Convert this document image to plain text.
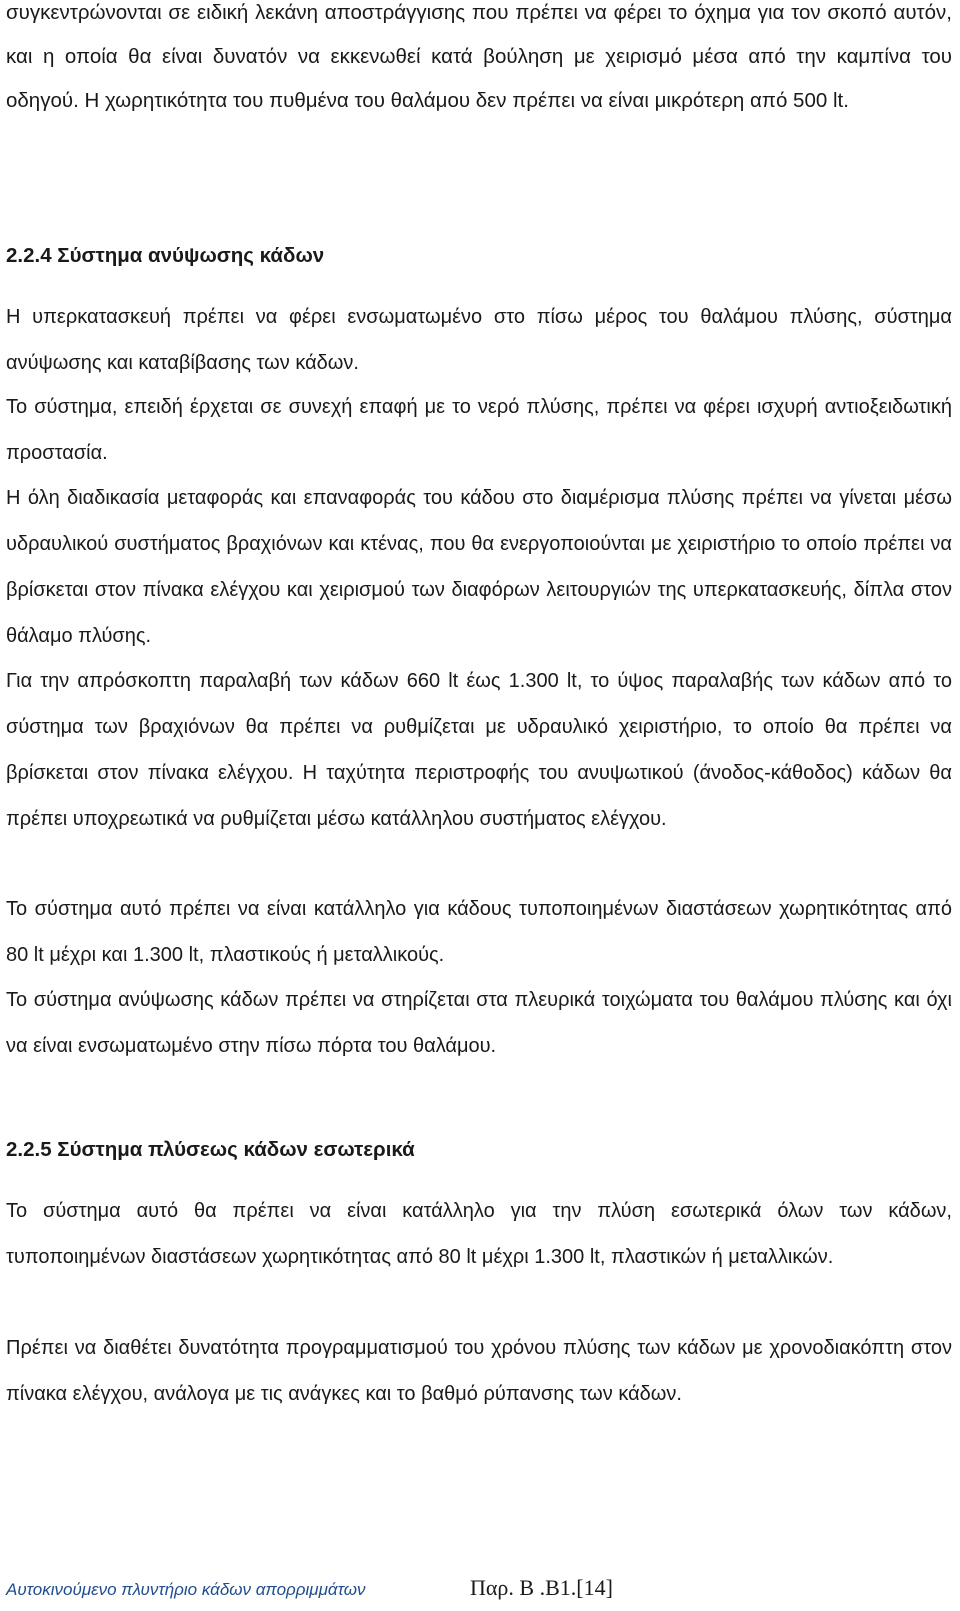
συγκεντρώνονται σε ειδική λεκάνη αποστράγγισης που πρέπει να φέρει το όχημα για τον σκοπό αυτόν, και η οποία θα είναι δυνατόν να εκκενωθεί κατά βούληση με χειρισμό μέσα από την καμπίνα του οδηγού. Η χωρητικότητα του πυθμένα του θαλάμου δεν πρέπει να είναι μικρότερη από 500 lt.

2.2.4 Σύστημα ανύψωσης κάδων

Η υπερκατασκευή πρέπει να φέρει ενσωματωμένο στο πίσω μέρος του θαλάμου πλύσης, σύστημα ανύψωσης και καταβίβασης των κάδων.

Το σύστημα, επειδή έρχεται σε συνεχή επαφή με το νερό πλύσης, πρέπει να φέρει ισχυρή αντιοξειδωτική προστασία.

Η όλη διαδικασία μεταφοράς και επαναφοράς του κάδου στο διαμέρισμα πλύσης πρέπει να γίνεται μέσω υδραυλικού συστήματος βραχιόνων και κτένας, που θα ενεργοποιούνται με χειριστήριο το οποίο πρέπει να βρίσκεται στον πίνακα ελέγχου και χειρισμού των διαφόρων λειτουργιών της υπερκατασκευής, δίπλα στον θάλαμο πλύσης.

Για την απρόσκοπτη παραλαβή των κάδων 660 lt έως 1.300 lt, το ύψος παραλαβής των κάδων από το σύστημα των βραχιόνων θα πρέπει να ρυθμίζεται με υδραυλικό χειριστήριο, το οποίο θα πρέπει να βρίσκεται στον πίνακα ελέγχου. Η ταχύτητα περιστροφής του ανυψωτικού (άνοδος-κάθοδος) κάδων θα πρέπει υποχρεωτικά να ρυθμίζεται μέσω κατάλληλου συστήματος ελέγχου.

Το σύστημα αυτό πρέπει να είναι κατάλληλο για κάδους τυποποιημένων διαστάσεων χωρητικότητας από 80 lt μέχρι και 1.300 lt, πλαστικούς ή μεταλλικούς.

Το σύστημα ανύψωσης κάδων πρέπει να στηρίζεται στα πλευρικά τοιχώματα του θαλάμου πλύσης και όχι να είναι ενσωματωμένο στην πίσω πόρτα του θαλάμου.

2.2.5 Σύστημα πλύσεως κάδων εσωτερικά

Το σύστημα αυτό θα πρέπει να είναι κατάλληλο για την πλύση εσωτερικά όλων των κάδων, τυποποιημένων διαστάσεων χωρητικότητας από 80 lt μέχρι 1.300 lt, πλαστικών ή μεταλλικών.

Πρέπει να διαθέτει δυνατότητα προγραμματισμού του χρόνου πλύσης των κάδων με χρονοδιακόπτη στον πίνακα ελέγχου, ανάλογα με τις ανάγκες και το βαθμό ρύπανσης των κάδων.

Αυτοκινούμενο πλυντήριο κάδων απορριμμάτων	Παρ. Β .Β1.[14]
